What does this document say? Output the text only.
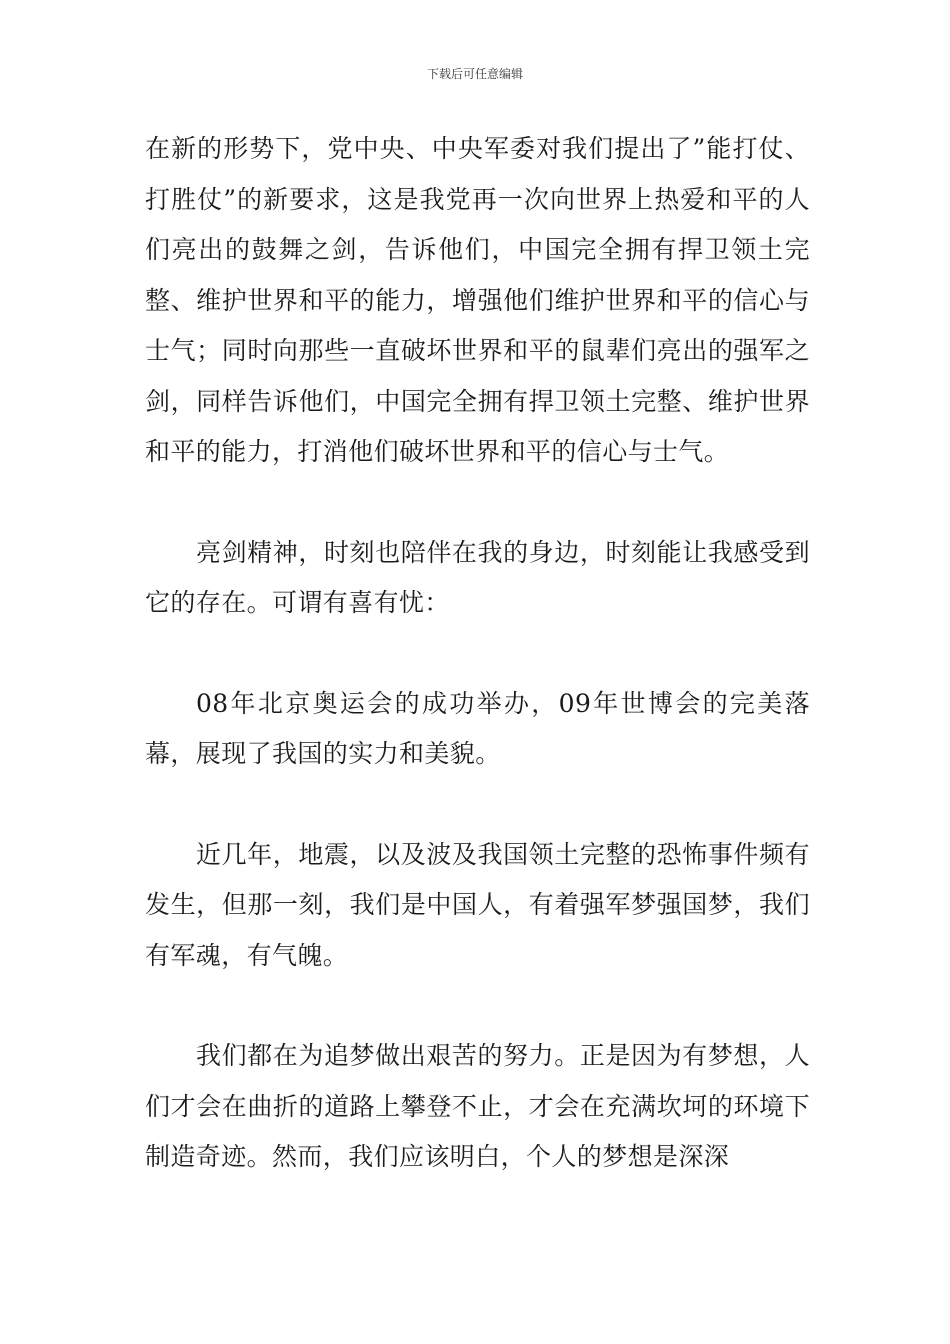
下载后可任意编辑

在新的形势下，党中央、中央军委对我们提出了”能打仗、打胜仗”的新要求，这是我党再一次向世界上热爱和平的人们亮出的鼓舞之剑，告诉他们，中国完全拥有捍卫领土完整、维护世界和平的能力，增强他们维护世界和平的信心与士气；同时向那些一直破坏世界和平的鼠辈们亮出的强军之剑，同样告诉他们，中国完全拥有捍卫领土完整、维护世界和平的能力，打消他们破坏世界和平的信心与士气。

亮剑精神，时刻也陪伴在我的身边，时刻能让我感受到它的存在。可谓有喜有忧：

08年北京奥运会的成功举办，09年世博会的完美落幕，展现了我国的实力和美貌。

近几年，地震，以及波及我国领土完整的恐怖事件频有发生，但那一刻，我们是中国人，有着强军梦强国梦，我们有军魂，有气魄。

我们都在为追梦做出艰苦的努力。正是因为有梦想，人们才会在曲折的道路上攀登不止，才会在充满坎坷的环境下制造奇迹。然而，我们应该明白，个人的梦想是深深
